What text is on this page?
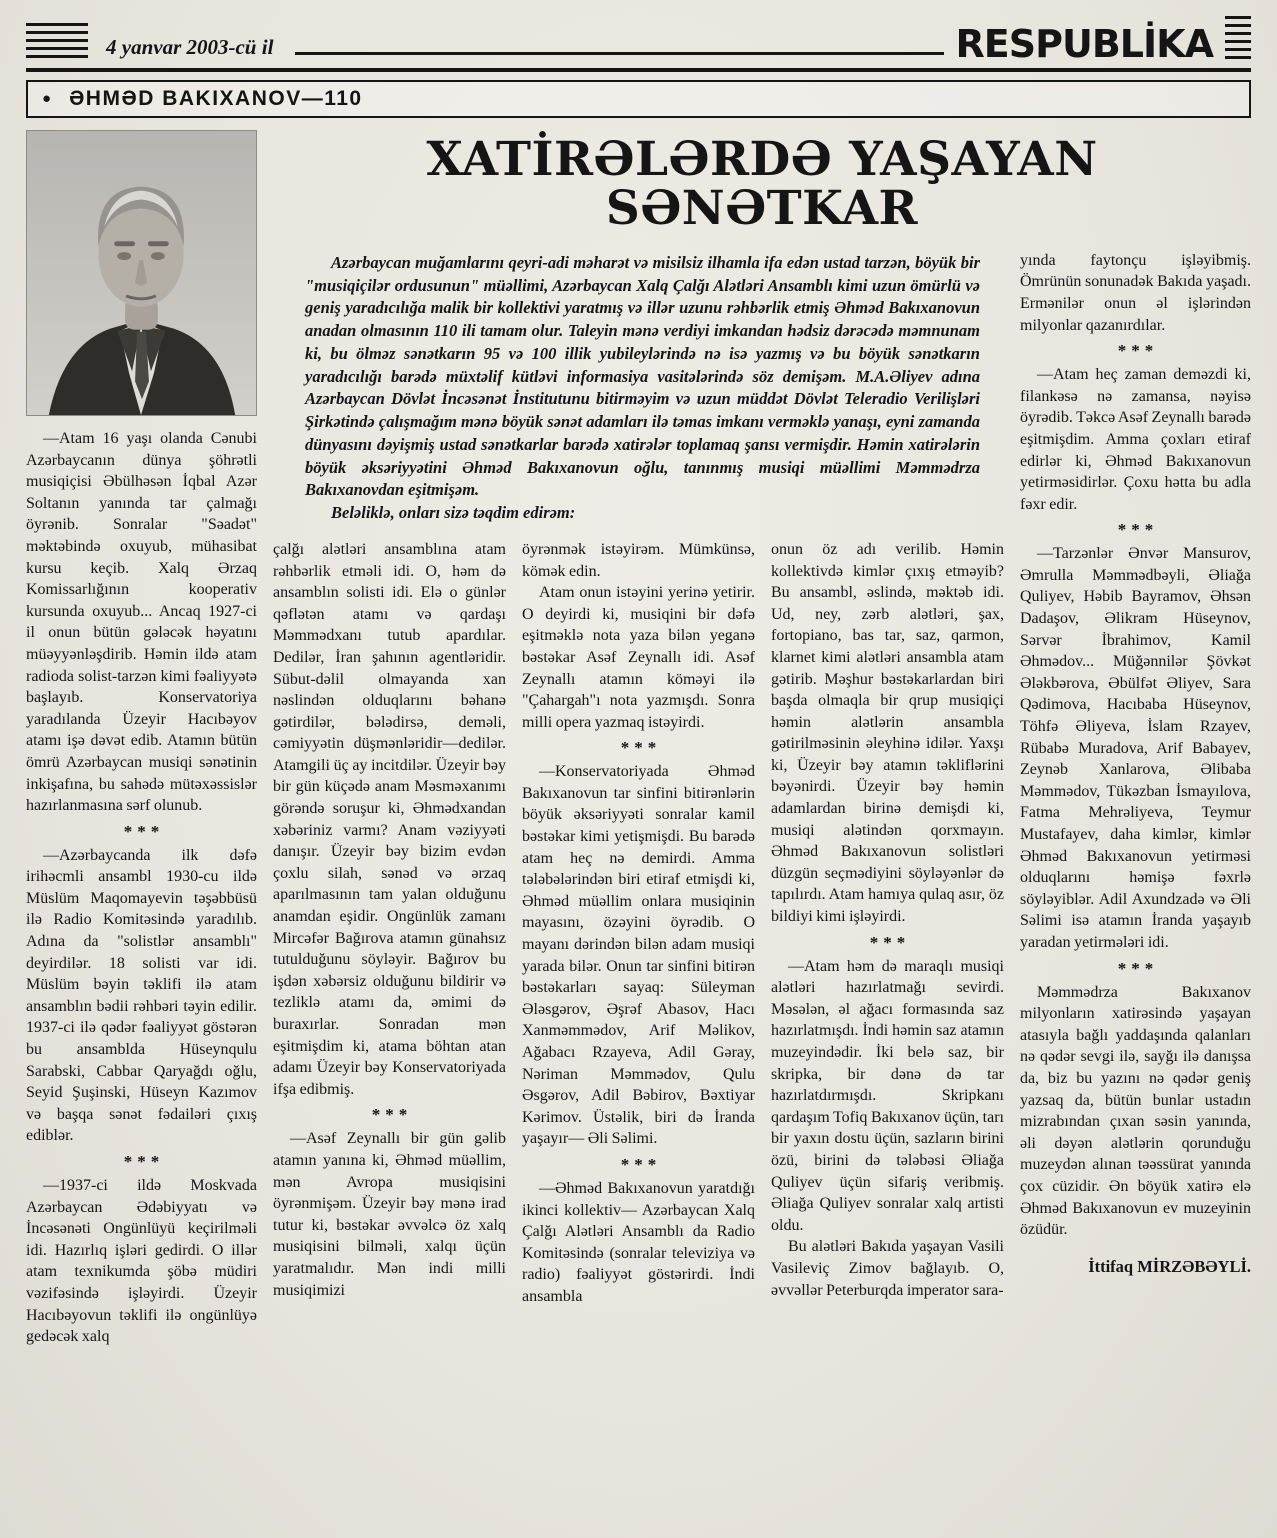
4 yanvar 2003-cü il	RESPUBLİKA
● ƏHMƏD BAKIXANOV—110

—Atam 16 yaşı olanda Cənubi Azərbaycanın dünya şöhrətli musiqiçisi Əbülhəsən İqbal Azər Soltanın yanında tar çalmağı öyrənib. Sonralar "Səadət" məktəbində oxuyub, mühasibat kursu keçib. Xalq Ərzaq Komissarlığının kooperativ kursunda oxuyub... Ancaq 1927-ci il onun bütün gələcək həyatını müəyyənləşdirib. Həmin ildə atam radioda solist-tarzən kimi fəaliyyətə başlayıb. Konservatoriya yaradılanda Üzeyir Hacıbəyov atamı işə dəvət edib. Atamın bütün ömrü Azərbaycan musiqi sənətinin inkişafına, bu sahədə mütəxəssislər hazırlanmasına sərf olunub.

***

—Azərbaycanda ilk dəfə irihəcmli ansambl 1930-cu ildə Müslüm Maqomayevin təşəbbüsü ilə Radio Komitəsində yaradılıb. Adına da "solistlər ansamblı" deyirdilər. 18 solisti var idi. Müslüm bəyin təklifi ilə atam ansamblın bədii rəhbəri təyin edilir. 1937-ci ilə qədər fəaliyyət göstərən bu ansamblda Hüseynqulu Sarabski, Cabbar Qaryağdı oğlu, Seyid Şuşinski, Hüseyn Kazımov və başqa sənət fədailəri çıxış ediblər.

***

—1937-ci ildə Moskvada Azərbaycan Ədəbiyyatı və İncəsənəti Ongünlüyü keçirilməli idi. Hazırlıq işləri gedirdi. O illər atam texnikumda şöbə müdiri vəzifəsində işləyirdi. Üzeyir Hacıbəyovun təklifi ilə ongünlüyə gedəcək xalq

XATİRƏLƏRDƏ YAŞAYAN SƏNƏTKAR

Azərbaycan muğamlarını qeyri-adi məharət və misilsiz ilhamla ifa edən ustad tarzən, böyük bir "musiqiçilər ordusunun" müəllimi, Azərbaycan Xalq Çalğı Alətləri Ansamblı kimi uzun ömürlü və geniş yaradıcılığa malik bir kollektivi yaratmış və illər uzunu rəhbərlik etmiş Əhməd Bakıxanovun anadan olmasının 110 ili tamam olur. Taleyin mənə verdiyi imkandan hədsiz dərəcədə məmnunam ki, bu ölməz sənətkarın 95 və 100 illik yubileylərində nə isə yazmış və bu böyük sənətkarın yaradıcılığı barədə müxtəlif kütləvi informasiya vasitələrində söz demişəm. M.A.Əliyev adına Azərbaycan Dövlət İncəsənət İnstitutunu bitirməyim və uzun müddət Dövlət Teleradio Verilişləri Şirkətində çalışmağım mənə böyük sənət adamları ilə təmas imkanı verməklə yanaşı, eyni zamanda dünyasını dəyişmiş ustad sənətkarlar barədə xatirələr toplamaq şansı vermişdir. Həmin xatirələrin böyük əksəriyyətini Əhməd Bakıxanovun oğlu, tanınmış musiqi müəllimi Məmmədrza Bakıxanovdan eşitmişəm.

Beləliklə, onları sizə təqdim edirəm:

çalğı alətləri ansamblına atam rəhbərlik etməli idi. O, həm də ansamblın solisti idi. Elə o günlər qəflətən atamı və qardaşı Məmmədxanı tutub apardılar. Dedilər, İran şahının agentləridir. Sübut-dəlil olmayanda xan nəslindən olduqlarını bəhanə gətirdilər, bələdirsə, deməli, cəmiyyətin düşmənləridir—dedilər. Atamgili üç ay incitdilər. Üzeyir bəy bir gün küçədə anam Məsməxanımı görəndə soruşur ki, Əhmədxandan xəbəriniz varmı? Anam vəziyyəti danışır. Üzeyir bəy bizim evdən çoxlu silah, sənəd və ərzaq aparılmasının tam yalan olduğunu anamdan eşidir. Ongünlük zamanı Mircəfər Bağırova atamın günahsız tutulduğunu söyləyir. Bağırov bu işdən xəbərsiz olduğunu bildirir və tezliklə atamı da, əmimi də buraxırlar. Sonradan mən eşitmişdim ki, atama böhtan atan adamı Üzeyir bəy Konservatoriyada ifşa edibmiş.

***

—Asəf Zeynallı bir gün gəlib atamın yanına ki, Əhməd müəllim, mən Avropa musiqisini öyrənmişəm. Üzeyir bəy mənə irad tutur ki, bəstəkar əvvəlcə öz xalq musiqisini bilməli, xalqı üçün yaratmalıdır. Mən indi milli musiqimizi

öyrənmək istəyirəm. Mümkünsə, kömək edin.

Atam onun istəyini yerinə yetirir. O deyirdi ki, musiqini bir dəfə eşitməklə nota yaza bilən yeganə bəstəkar Asəf Zeynallı idi. Asəf Zeynallı atamın köməyi ilə "Çahargah"ı nota yazmışdı. Sonra milli opera yazmaq istəyirdi.

***

—Konservatoriyada Əhməd Bakıxanovun tar sinfini bitirənlərin böyük əksəriyyəti sonralar kamil bəstəkar kimi yetişmişdi. Bu barədə atam heç nə demirdi. Amma tələbələrindən biri etiraf etmişdi ki, Əhməd müəllim onlara musiqinin mayasını, özəyini öyrədib. O mayanı dərindən bilən adam musiqi yarada bilər. Onun tar sinfini bitirən bəstəkarları sayaq: Süleyman Ələsgərov, Əşrəf Abasov, Hacı Xanməmmədov, Arif Məlikov, Ağabacı Rzayeva, Adil Gəray, Nəriman Məmmədov, Qulu Əsgərov, Adil Bəbirov, Bəxtiyar Kərimov. Üstəlik, biri də İranda yaşayır— Əli Səlimi.

***

—Əhməd Bakıxanovun yaratdığı ikinci kollektiv— Azərbaycan Xalq Çalğı Alətləri Ansamblı da Radio Komitəsində (sonralar televiziya və radio) fəaliyyət göstərirdi. İndi ansambla

onun öz adı verilib. Həmin kollektivdə kimlər çıxış etməyib? Bu ansambl, əslində, məktəb idi. Ud, ney, zərb alətləri, şax, fortopiano, bas tar, saz, qarmon, klarnet kimi alətləri ansambla atam gətirib. Məşhur bəstəkarlardan biri başda olmaqla bir qrup musiqiçi həmin alətlərin ansambla gətirilməsinin əleyhinə idilər. Yaxşı ki, Üzeyir bəy atamın təkliflərini bəyənirdi. Üzeyir bəy həmin adamlardan birinə demişdi ki, musiqi alətindən qorxmayın. Əhməd Bakıxanovun solistləri düzgün seçmədiyini söyləyənlər də tapılırdı. Atam hamıya qulaq asır, öz bildiyi kimi işləyirdi.

***

—Atam həm də maraqlı musiqi alətləri hazırlatmağı sevirdi. Məsələn, əl ağacı formasında saz hazırlatmışdı. İndi həmin saz atamın muzeyindədir. İki belə saz, bir skripka, bir dənə də tar hazırlatdırmışdı. Skripkanı qardaşım Tofiq Bakıxanov üçün, tarı bir yaxın dostu üçün, sazların birini özü, birini də tələbəsi Əliağa Quliyev üçün sifariş veribmiş. Əliağa Quliyev sonralar xalq artisti oldu.

Bu alətləri Bakıda yaşayan Vasili Vasileviç Zimov bağlayıb. O, əvvəllər Peterburqda imperator sara-

yında faytonçu işləyibmiş. Ömrünün sonunadək Bakıda yaşadı. Ermənilər onun əl işlərindən milyonlar qazanırdılar.

***

—Atam heç zaman deməzdi ki, filankəsə nə zamansa, nəyisə öyrədib. Təkcə Asəf Zeynallı barədə eşitmişdim. Amma çoxları etiraf edirlər ki, Əhməd Bakıxanovun yetirməsidirlər. Çoxu hətta bu adla fəxr edir.

***

—Tarzənlər Ənvər Mansurov, Əmrulla Məmmədbəyli, Əliağa Quliyev, Həbib Bayramov, Əhsən Dadaşov, Əlikram Hüseynov, Sərvər İbrahimov, Kamil Əhmədov... Müğənnilər Şövkət Ələkbərova, Əbülfət Əliyev, Sara Qədimova, Hacıbaba Hüseynov, Töhfə Əliyeva, İslam Rzayev, Rübabə Muradova, Arif Babayev, Zeynəb Xanlarova, Əlibaba Məmmədov, Tükəzban İsmayılova, Fatma Mehrəliyeva, Teymur Mustafayev, daha kimlər, kimlər Əhməd Bakıxanovun yetirməsi olduqlarını həmişə fəxrlə söyləyiblər. Adil Axundzadə və Əli Səlimi isə atamın İranda yaşayıb yaradan yetirmələri idi.

***

Məmmədrza Bakıxanov milyonların xatirəsində yaşayan atasıyla bağlı yaddaşında qalanları nə qədər sevgi ilə, sayğı ilə danışsa da, biz bu yazını nə qədər geniş yazsaq da, bütün bunlar ustadın mizrabından çıxan səsin yanında, əli dəyən alətlərin qorunduğu muzeydən alınan təəssürat yanında çox cüzidir. Ən böyük xatirə elə Əhməd Bakıxanovun ev muzeyinin özüdür.

İttifaq MİRZƏBƏYLİ.
